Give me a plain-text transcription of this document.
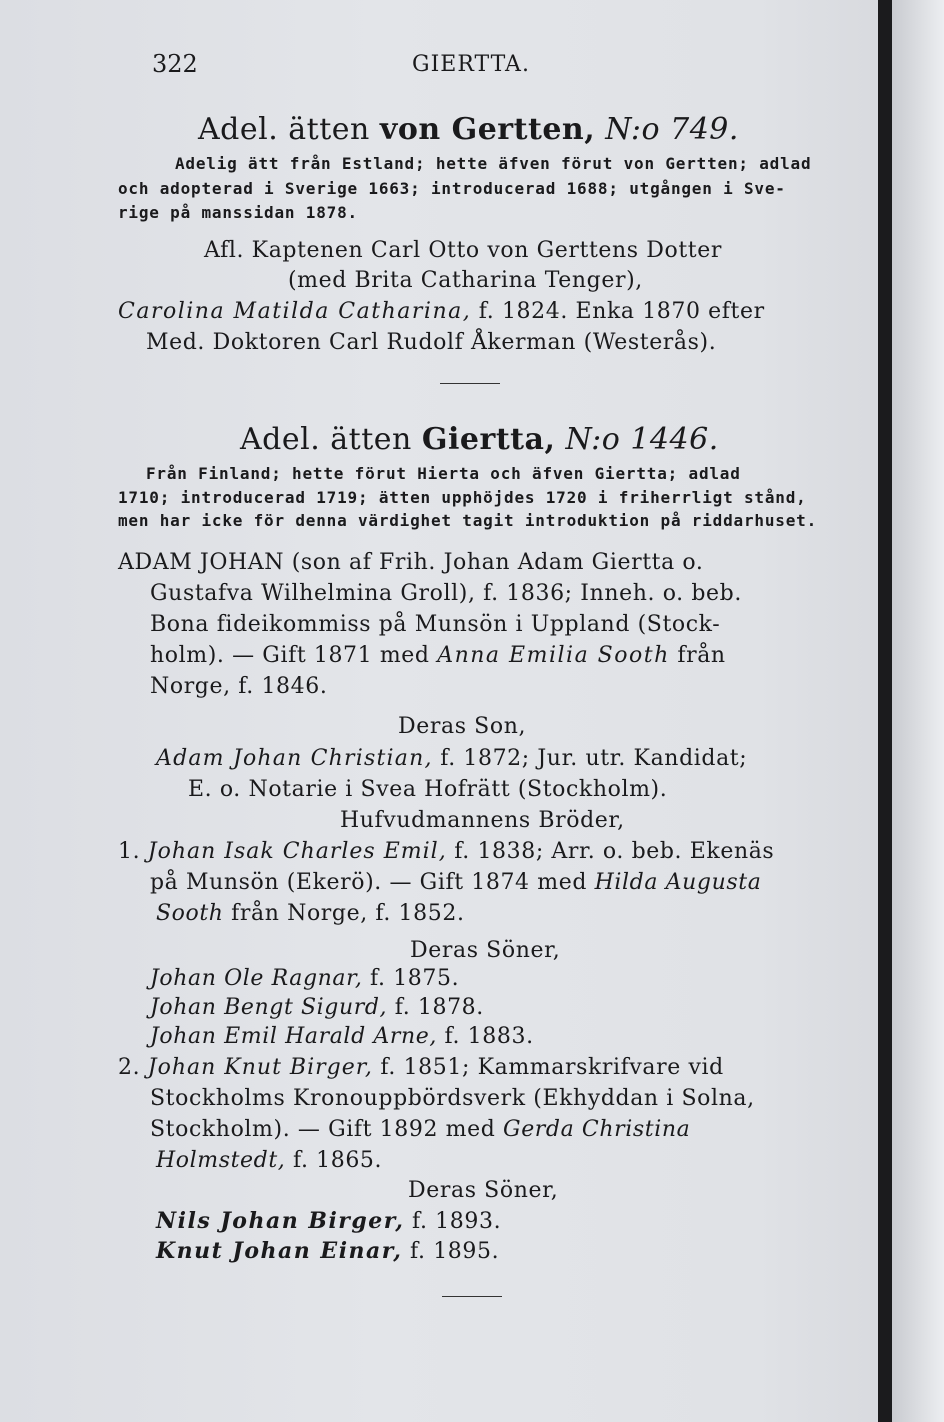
322	GIERTTA.
Adel. ätten von Gertten, N:o 749.
Adelig ätt från Estland; hette äfven förut von Gertten; adlad
och adopterad i Sverige 1663; introducerad 1688; utgången i Sve-
rige på manssidan 1878.
Afl. Kaptenen Carl Otto von Gerttens Dotter
(med Brita Catharina Tenger),
Carolina Matilda Catharina, f. 1824. Enka 1870 efter
Med. Doktoren Carl Rudolf Åkerman (Westerås).
Adel. ätten Giertta, N:o 1446.
Från Finland; hette förut Hierta och äfven Giertta; adlad
1710; introducerad 1719; ätten upphöjdes 1720 i friherrligt stånd,
men har icke för denna värdighet tagit introduktion på riddarhuset.
ADAM JOHAN (son af Frih. Johan Adam Giertta o.
Gustafva Wilhelmina Groll), f. 1836; Inneh. o. beb.
Bona fideikommiss på Munsön i Uppland (Stock-
holm). — Gift 1871 med Anna Emilia Sooth från
Norge, f. 1846.
Deras Son,
Adam Johan Christian, f. 1872; Jur. utr. Kandidat;
E. o. Notarie i Svea Hofrätt (Stockholm).
Hufvudmannens Bröder,
1. Johan Isak Charles Emil, f. 1838; Arr. o. beb. Ekenäs
på Munsön (Ekerö). — Gift 1874 med Hilda Augusta
Sooth från Norge, f. 1852.
Deras Söner,
Johan Ole Ragnar, f. 1875.
Johan Bengt Sigurd, f. 1878.
Johan Emil Harald Arne, f. 1883.
2. Johan Knut Birger, f. 1851; Kammarskrifvare vid
Stockholms Kronouppbördsverk (Ekhyddan i Solna,
Stockholm). — Gift 1892 med Gerda Christina
Holmstedt, f. 1865.
Deras Söner,
Nils Johan Birger, f. 1893.
Knut Johan Einar, f. 1895.
